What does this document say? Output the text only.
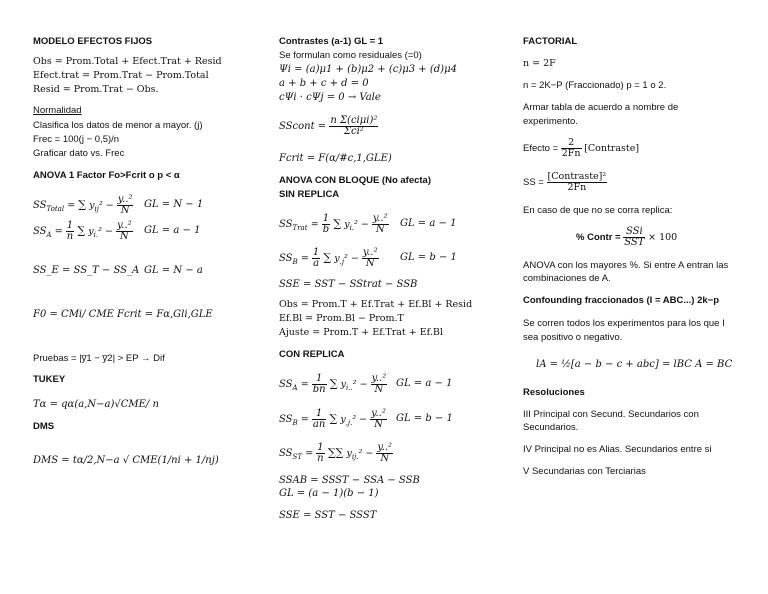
MODELO EFECTOS FIJOS
Obs = Prom.Total + Efect.Trat + Resid
Efect.trat = Prom.Trat − Prom.Total
Resid = Prom.Trat − Obs.
Normalidad
Clasifica los datos de menor a mayor. (j)
Frec = 100(j − 0,5)/n
Graficar dato vs. Frec
ANOVA 1 Factor Fo>Fcrit o p < α
$SS_{Total}$ = ∑ $y_{ij}^2 - \frac{\text{y..²}}{N}$ GL = N − 1
$SS_A = \frac{1}{n}$ ∑ $y_{i.}^2 - \frac{\text{y..²}}{N}$ GL = a − 1
SS_E = SS_T − SS_A GL = N − a
F0 = CMi/ CME Fcrit = Fα,Gli,GLE
Pruebas = |y̅1 − y̅2| > EP → Dif
TUKEY
Tα = qα(a,N−a)√CME/ n
DMS
DMS = tα/2,N−a √ CME(1/ni + 1/nj)
Contrastes (a-1) GL = 1
Se formulan como residuales (=0)
Ψi = (a)μ1 + (b)μ2 + (c)μ3 + (d)μ4
a + b + c + d = 0
cΨi · cΨj = 0 → Vale
SScont = $\frac{\text{n Σ(ciμi)²}}{\text{Σci²}}$
Fcrit = F(α/#c,1,GLE)
ANOVA CON BLOQUE (No afecta)
SIN REPLICA
$SS_{Trat} = \frac{1}{b}$ ∑ $y_{i.}^2 - \frac{\text{y..²}}{N}$ GL = a − 1
$SS_B = \frac{1}{a}$ ∑ $y_{.j}^2 - \frac{\text{y..²}}{N}$ GL = b − 1
SSE = SST − SStrat − SSB
Obs = Prom.T + Ef.Trat + Ef.Bl + Resid
Ef.Bl = Prom.Bl − Prom.T
Ajuste = Prom.T + Ef.Trat + Ef.Bl
CON REPLICA
$SS_A = \frac{1}{bn}$ ∑ $y_{i..}^2 - \frac{\text{y..²}}{N}$ GL = a − 1
$SS_B = \frac{1}{an}$ ∑ $y_{.j.}^2 - \frac{\text{y..²}}{N}$ GL = b − 1
$SS_{ST} = \frac{1}{n}$ ∑∑ $y_{ij.}^2 - \frac{\text{y..²}}{N}$
SSAB = SSST − SSA − SSB
GL = (a − 1)(b − 1)
SSE = SST − SSST
FACTORIAL
n = 2F
n = 2K−P (Fraccionado) p = 1 o 2.
Armar tabla de acuerdo a nombre de
experimento.
Efecto = $\frac{2}{2Fn}$ [Contraste]
SS = $\frac{\text{[Contraste]²}}{2Fn}$
En caso de que no se corra replica:
% Contr = $\frac{\text{SSi}}{\text{SST}} \times 100$
ANOVA con los mayores %. Si entre A entran las
combinaciones de A.
Confounding fraccionados (I = ABC...) 2k−p
Se corren todos los experimentos para los que I
sea positivo o negativo.
lA = ½[a − b − c + abc] = lBC A = BC
Resoluciones
III Principal con Secund. Secundarios con
Secundarios.
IV Principal no es Alias. Secundarios entre si
V Secundarias con Terciarias
